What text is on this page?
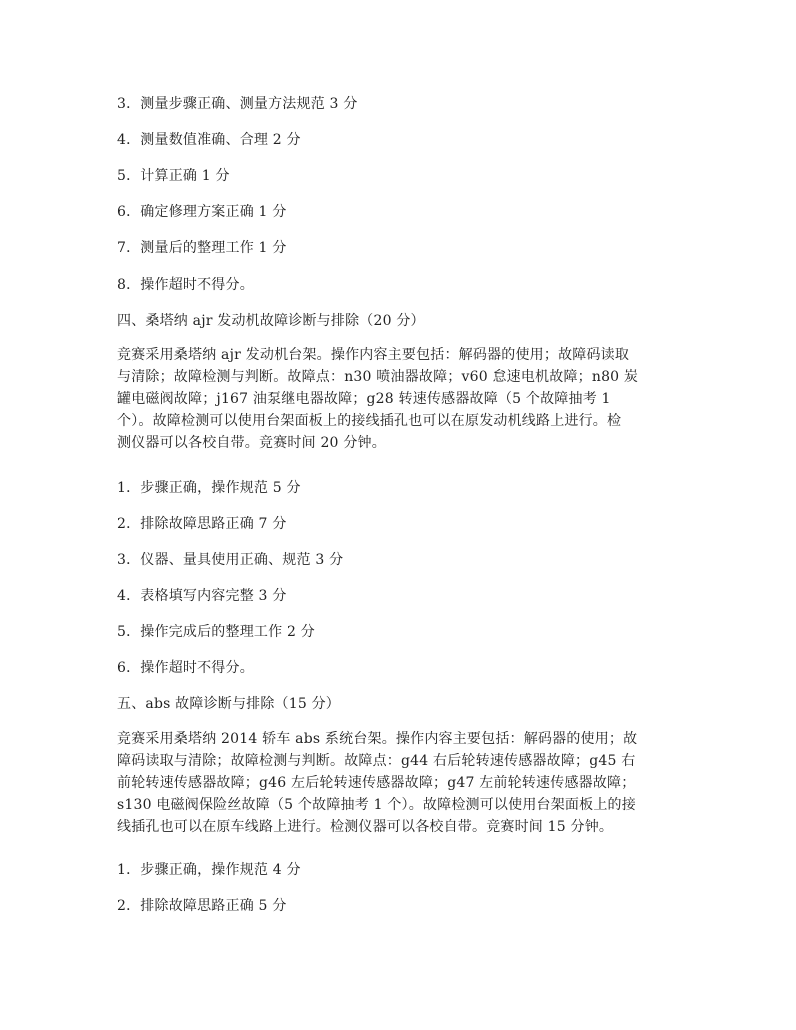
3．测量步骤正确、测量方法规范 3 分
4．测量数值准确、合理 2 分
5．计算正确 1 分
6．确定修理方案正确 1 分
7．测量后的整理工作 1 分
8．操作超时不得分。
四、桑塔纳 ajr 发动机故障诊断与排除（20 分）
竞赛采用桑塔纳 ajr 发动机台架。操作内容主要包括：解码器的使用；故障码读取
与清除；故障检测与判断。故障点：n30 喷油器故障；v60 怠速电机故障；n80 炭
罐电磁阀故障；j167 油泵继电器故障；g28 转速传感器故障（5 个故障抽考 1
个）。故障检测可以使用台架面板上的接线插孔也可以在原发动机线路上进行。检
测仪器可以各校自带。竞赛时间 20 分钟。
1．步骤正确，操作规范 5 分
2．排除故障思路正确 7 分
3．仪器、量具使用正确、规范 3 分
4．表格填写内容完整 3 分
5．操作完成后的整理工作 2 分
6．操作超时不得分。
五、abs 故障诊断与排除（15 分）
竞赛采用桑塔纳 2014 轿车 abs 系统台架。操作内容主要包括：解码器的使用；故
障码读取与清除；故障检测与判断。故障点：g44 右后轮转速传感器故障；g45 右
前轮转速传感器故障；g46 左后轮转速传感器故障；g47 左前轮转速传感器故障；
s130 电磁阀保险丝故障（5 个故障抽考 1 个）。故障检测可以使用台架面板上的接
线插孔也可以在原车线路上进行。检测仪器可以各校自带。竞赛时间 15 分钟。
1．步骤正确，操作规范 4 分
2．排除故障思路正确 5 分
